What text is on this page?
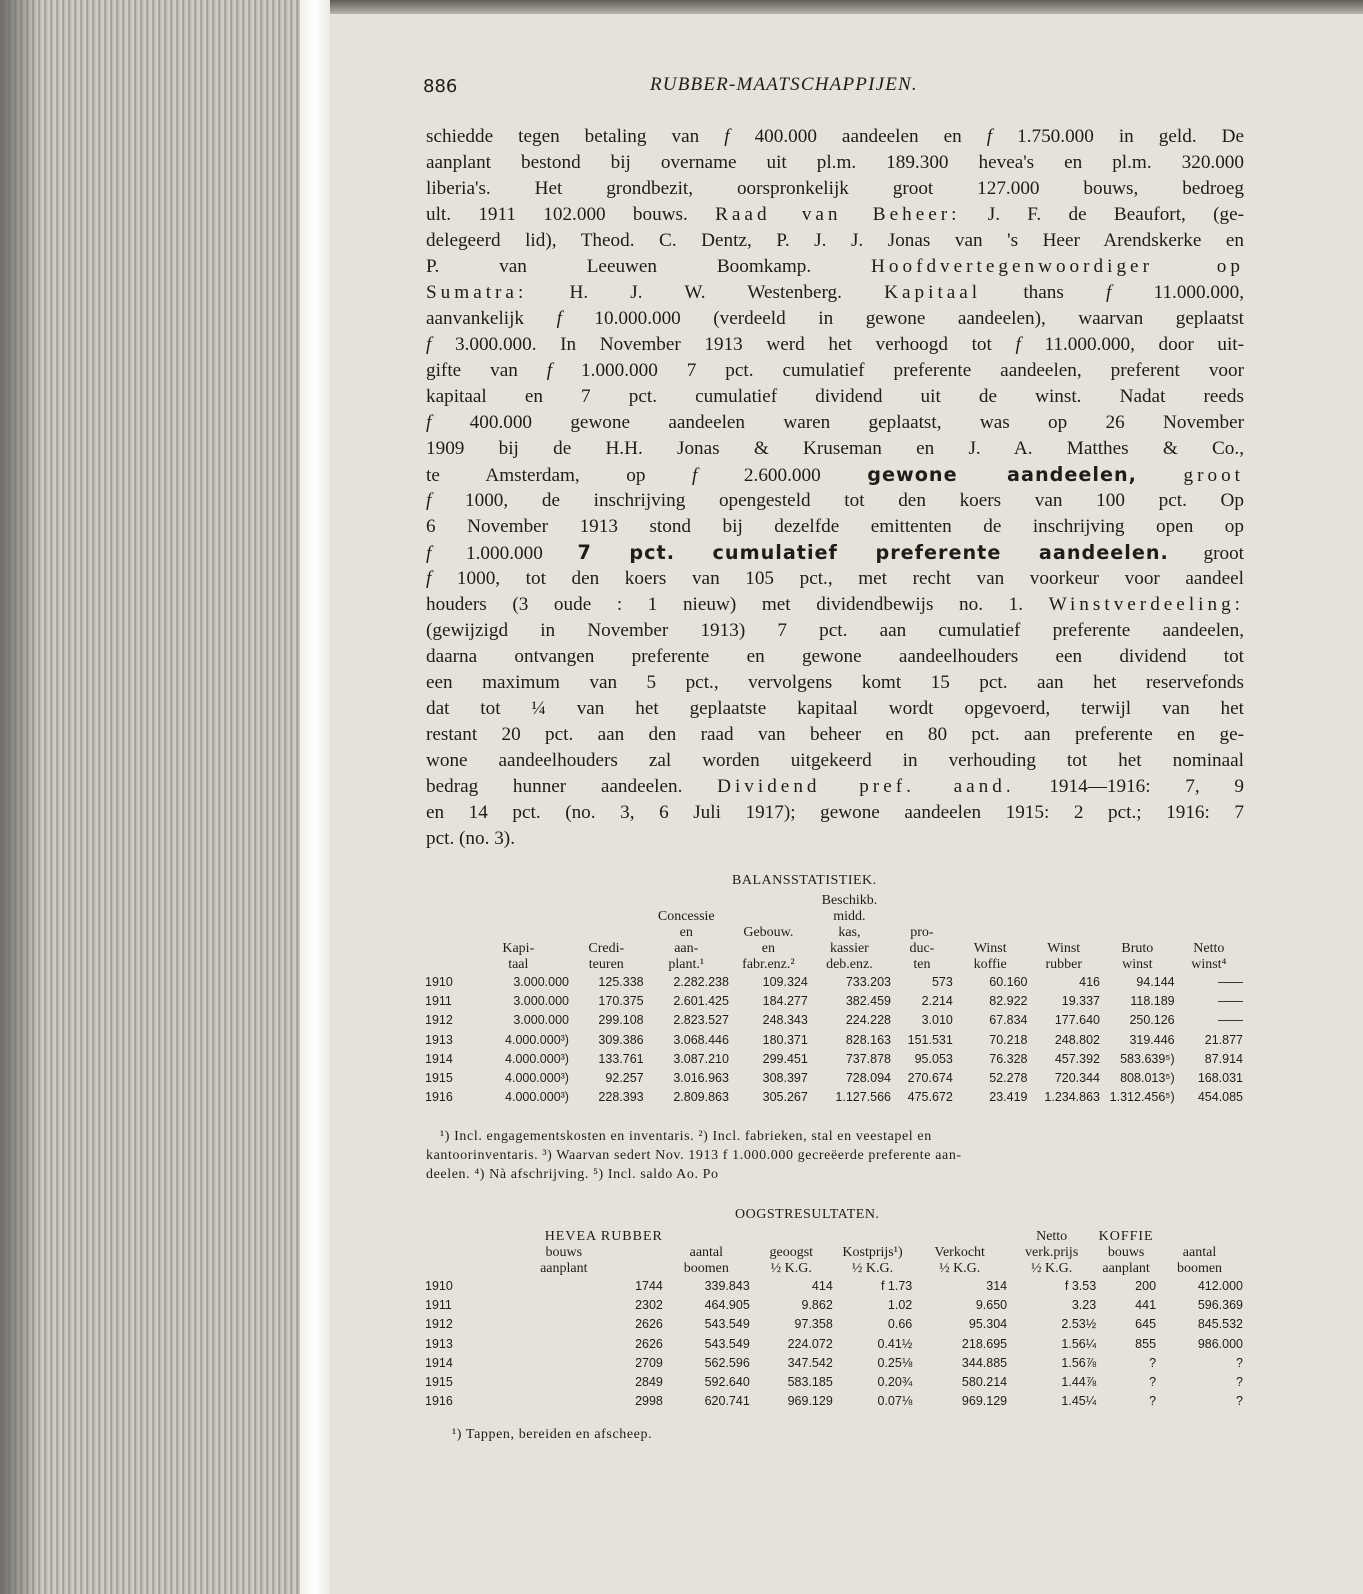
886	RUBBER-MAATSCHAPPIJEN.
schiedde tegen betaling van f 400.000 aandeelen en f 1.750.000 in geld. De
aanplant bestond bij overname uit pl.m. 189.300 hevea's en pl.m. 320.000
liberia's. Het grondbezit, oorspronkelijk groot 127.000 bouws, bedroeg
ult. 1911 102.000 bouws. Raad van Beheer: J. F. de Beaufort, (ge-
delegeerd lid), Theod. C. Dentz, P. J. J. Jonas van 's Heer Arendskerke en
P. van Leeuwen Boomkamp. Hoofdvertegenwoordiger op
Sumatra: H. J. W. Westenberg. Kapitaal thans f 11.000.000,
aanvankelijk f 10.000.000 (verdeeld in gewone aandeelen), waarvan geplaatst
f 3.000.000. In November 1913 werd het verhoogd tot f 11.000.000, door uit-
gifte van f 1.000.000 7 pct. cumulatief preferente aandeelen, preferent voor
kapitaal en 7 pct. cumulatief dividend uit de winst. Nadat reeds
f 400.000 gewone aandeelen waren geplaatst, was op 26 November
1909 bij de H.H. Jonas & Kruseman en J. A. Matthes & Co.,
te Amsterdam, op f 2.600.000 gewone aandeelen, groot
f 1000, de inschrijving opengesteld tot den koers van 100 pct. Op
6 November 1913 stond bij dezelfde emittenten de inschrijving open op
f 1.000.000 7 pct. cumulatief preferente aandeelen. groot
f 1000, tot den koers van 105 pct., met recht van voorkeur voor aandeel
houders (3 oude : 1 nieuw) met dividendbewijs no. 1. Winstverdeeling:
(gewijzigd in November 1913) 7 pct. aan cumulatief preferente aandeelen,
daarna ontvangen preferente en gewone aandeelhouders een dividend tot
een maximum van 5 pct., vervolgens komt 15 pct. aan het reservefonds
dat tot ¼ van het geplaatste kapitaal wordt opgevoerd, terwijl van het
restant 20 pct. aan den raad van beheer en 80 pct. aan preferente en ge-
wone aandeelhouders zal worden uitgekeerd in verhouding tot het nominaal
bedrag hunner aandeelen. Dividend pref. aand. 1914—1916: 7, 9
en 14 pct. (no. 3, 6 Juli 1917); gewone aandeelen 1915: 2 pct.; 1916: 7
pct. (no. 3).
BALANSSTATISTIEK.
					Beschikb.					
			Concessie		midd.					
			en	Gebouw.	kas,	pro-				
	Kapi-	Credi-	aan-	en	kassier	duc-	Winst	Winst	Bruto	Netto
	taal	teuren	plant.¹	fabr.enz.²	deb.enz.	ten	koffie	rubber	winst	winst⁴
1910	3.000.000	125.338	2.282.238	109.324	733.203	573	60.160	416	94.144	——
1911	3.000.000	170.375	2.601.425	184.277	382.459	2.214	82.922	19.337	118.189	——
1912	3.000.000	299.108	2.823.527	248.343	224.228	3.010	67.834	177.640	250.126	——
1913	4.000.000³)	309.386	3.068.446	180.371	828.163	151.531	70.218	248.802	319.446	21.877
1914	4.000.000³)	133.761	3.087.210	299.451	737.878	95.053	76.328	457.392	583.639⁵)	87.914
1915	4.000.000³)	92.257	3.016.963	308.397	728.094	270.674	52.278	720.344	808.013⁵)	168.031
1916	4.000.000³)	228.393	2.809.863	305.267	1.127.566	475.672	23.419	1.234.863	1.312.456⁵)	454.085
¹) Incl. engagementskosten en inventaris. ²) Incl. fabrieken, stal en veestapel en
kantoorinventaris. ³) Waarvan sedert Nov. 1913 f 1.000.000 gecreëerde preferente aan-
deelen. ⁴) Nà afschrijving. ⁵) Incl. saldo Ao. Po
OOGSTRESULTATEN.
	HEVEA RUBBER					Netto	KOFFIE	
	bouws	aantal	geoogst	Kostprijs¹)	Verkocht	verk.prijs	bouws	aantal
	aanplant	boomen	½ K.G.	½ K.G.	½ K.G.	½ K.G.	aanplant	boomen
1910	1744	339.843	414	f 1.73	314	f 3.53	200	412.000
1911	2302	464.905	9.862	1.02	9.650	3.23	441	596.369
1912	2626	543.549	97.358	0.66	95.304	2.53½	645	845.532
1913	2626	543.549	224.072	0.41½	218.695	1.56¼	855	986.000
1914	2709	562.596	347.542	0.25⅛	344.885	1.56⅞	?	?
1915	2849	592.640	583.185	0.20¾	580.214	1.44⅞	?	?
1916	2998	620.741	969.129	0.07⅛	969.129	1.45¼	?	?
¹) Tappen, bereiden en afscheep.
